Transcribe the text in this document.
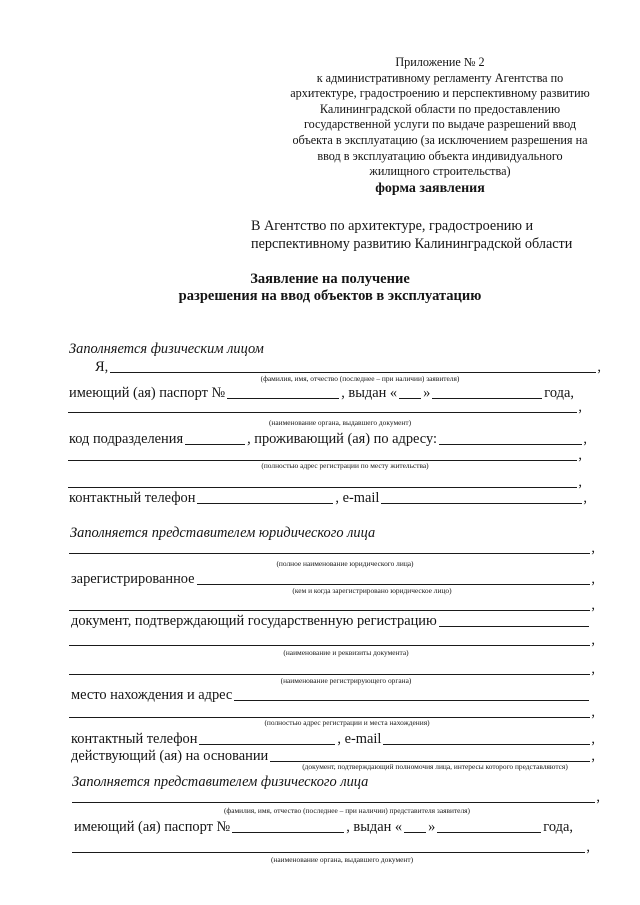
Приложение № 2
к административному регламенту Агентства по
архитектуре, градостроению и перспективному развитию
Калининградской области по предоставлению
государственной услуги по выдаче разрешений ввод
объекта в эксплуатацию (за исключением разрешения на
ввод в эксплуатацию объекта индивидуального
жилищного строительства)
форма заявления
В Агентство по архитектуре, градостроению и
перспективному развитию Калининградской области
Заявление на получение
разрешения на ввод объектов в эксплуатацию
Заполняется физическим лицом
Я,	,
(фамилия, имя, отчество (последнее – при наличии) заявителя)
имеющий (ая) паспорт №	, выдан « »	года,
,
(наименование органа, выдавшего документ)
код подразделения	, проживающий (ая) по адресу:	,
,
(полностью адрес регистрации по месту жительства)
,
контактный телефон	, e-mail	,
Заполняется представителем юридического лица
,
(полное наименование юридического лица)
зарегистрированное	,
(кем и когда зарегистрировано юридическое лицо)
,
документ, подтверждающий государственную регистрацию
,
(наименование и реквизиты документа)
,
(наименование регистрирующего органа)
место нахождения и адрес
,
(полностью адрес регистрации и места нахождения)
контактный телефон	, e-mail	,
действующий (ая) на основании	,
(документ, подтверждающий полномочия лица, интересы которого представляются)
Заполняется представителем физического лица
,
(фамилия, имя, отчество (последнее – при наличии) представителя заявителя)
имеющий (ая) паспорт №	, выдан « »	года,
,
(наименование органа, выдавшего документ)
